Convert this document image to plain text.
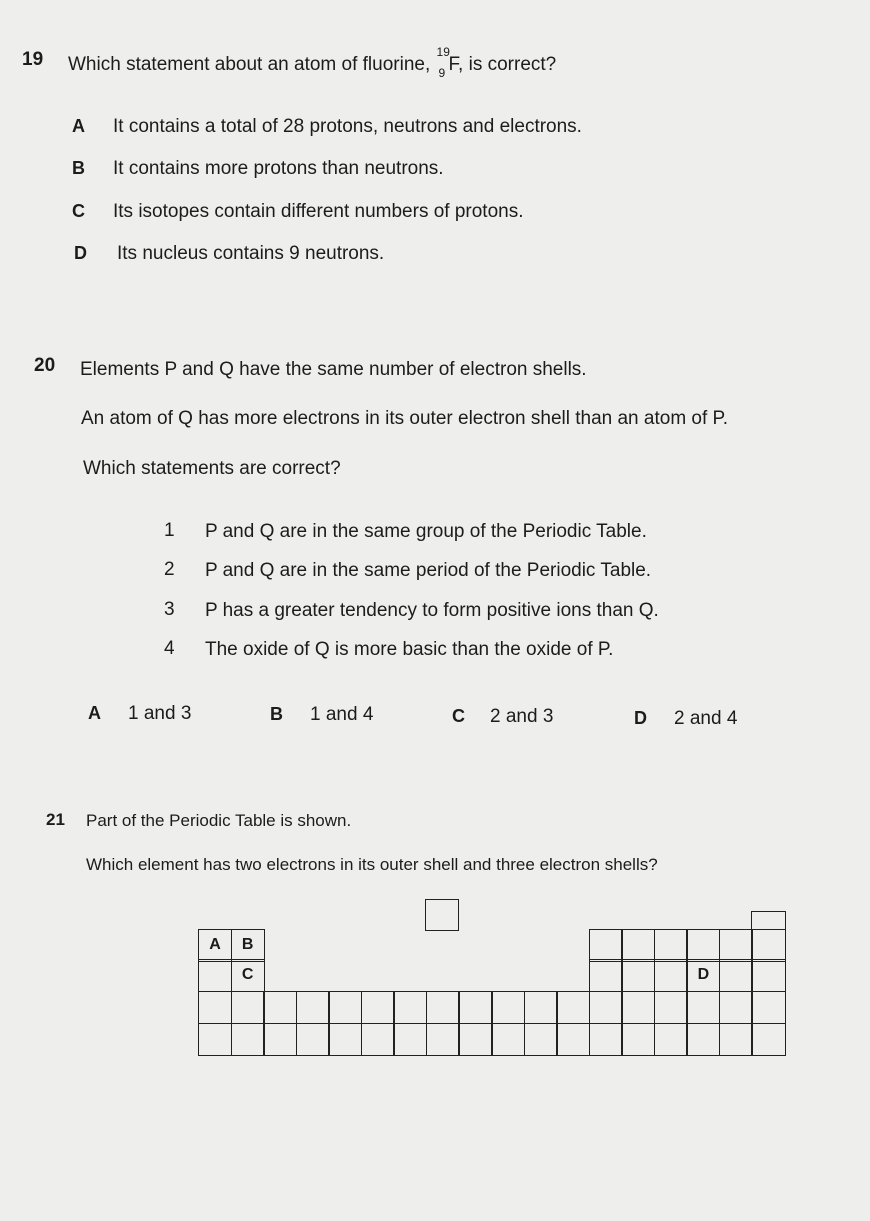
19 Which statement about an atom of fluorine,
19
9 F, is correct?
A It contains a total of 28 protons, neutrons and electrons.
B It contains more protons than neutrons.
C Its isotopes contain different numbers of protons.
D Its nucleus contains 9 neutrons.
20 Elements P and Q have the same number of electron shells.
An atom of Q has more electrons in its outer electron shell than an atom of P.
Which statements are correct?
1 P and Q are in the same group of the Periodic Table.
2 P and Q are in the same period of the Periodic Table.
3 P has a greater tendency to form positive ions than Q.
4 The oxide of Q is more basic than the oxide of P.
A 1 and 3	B 1 and 4	C 2 and 3	D 2 and 4
21 Part of the Periodic Table is shown.
Which element has two electrons in its outer shell and three electron shells?
A	B
C	D
